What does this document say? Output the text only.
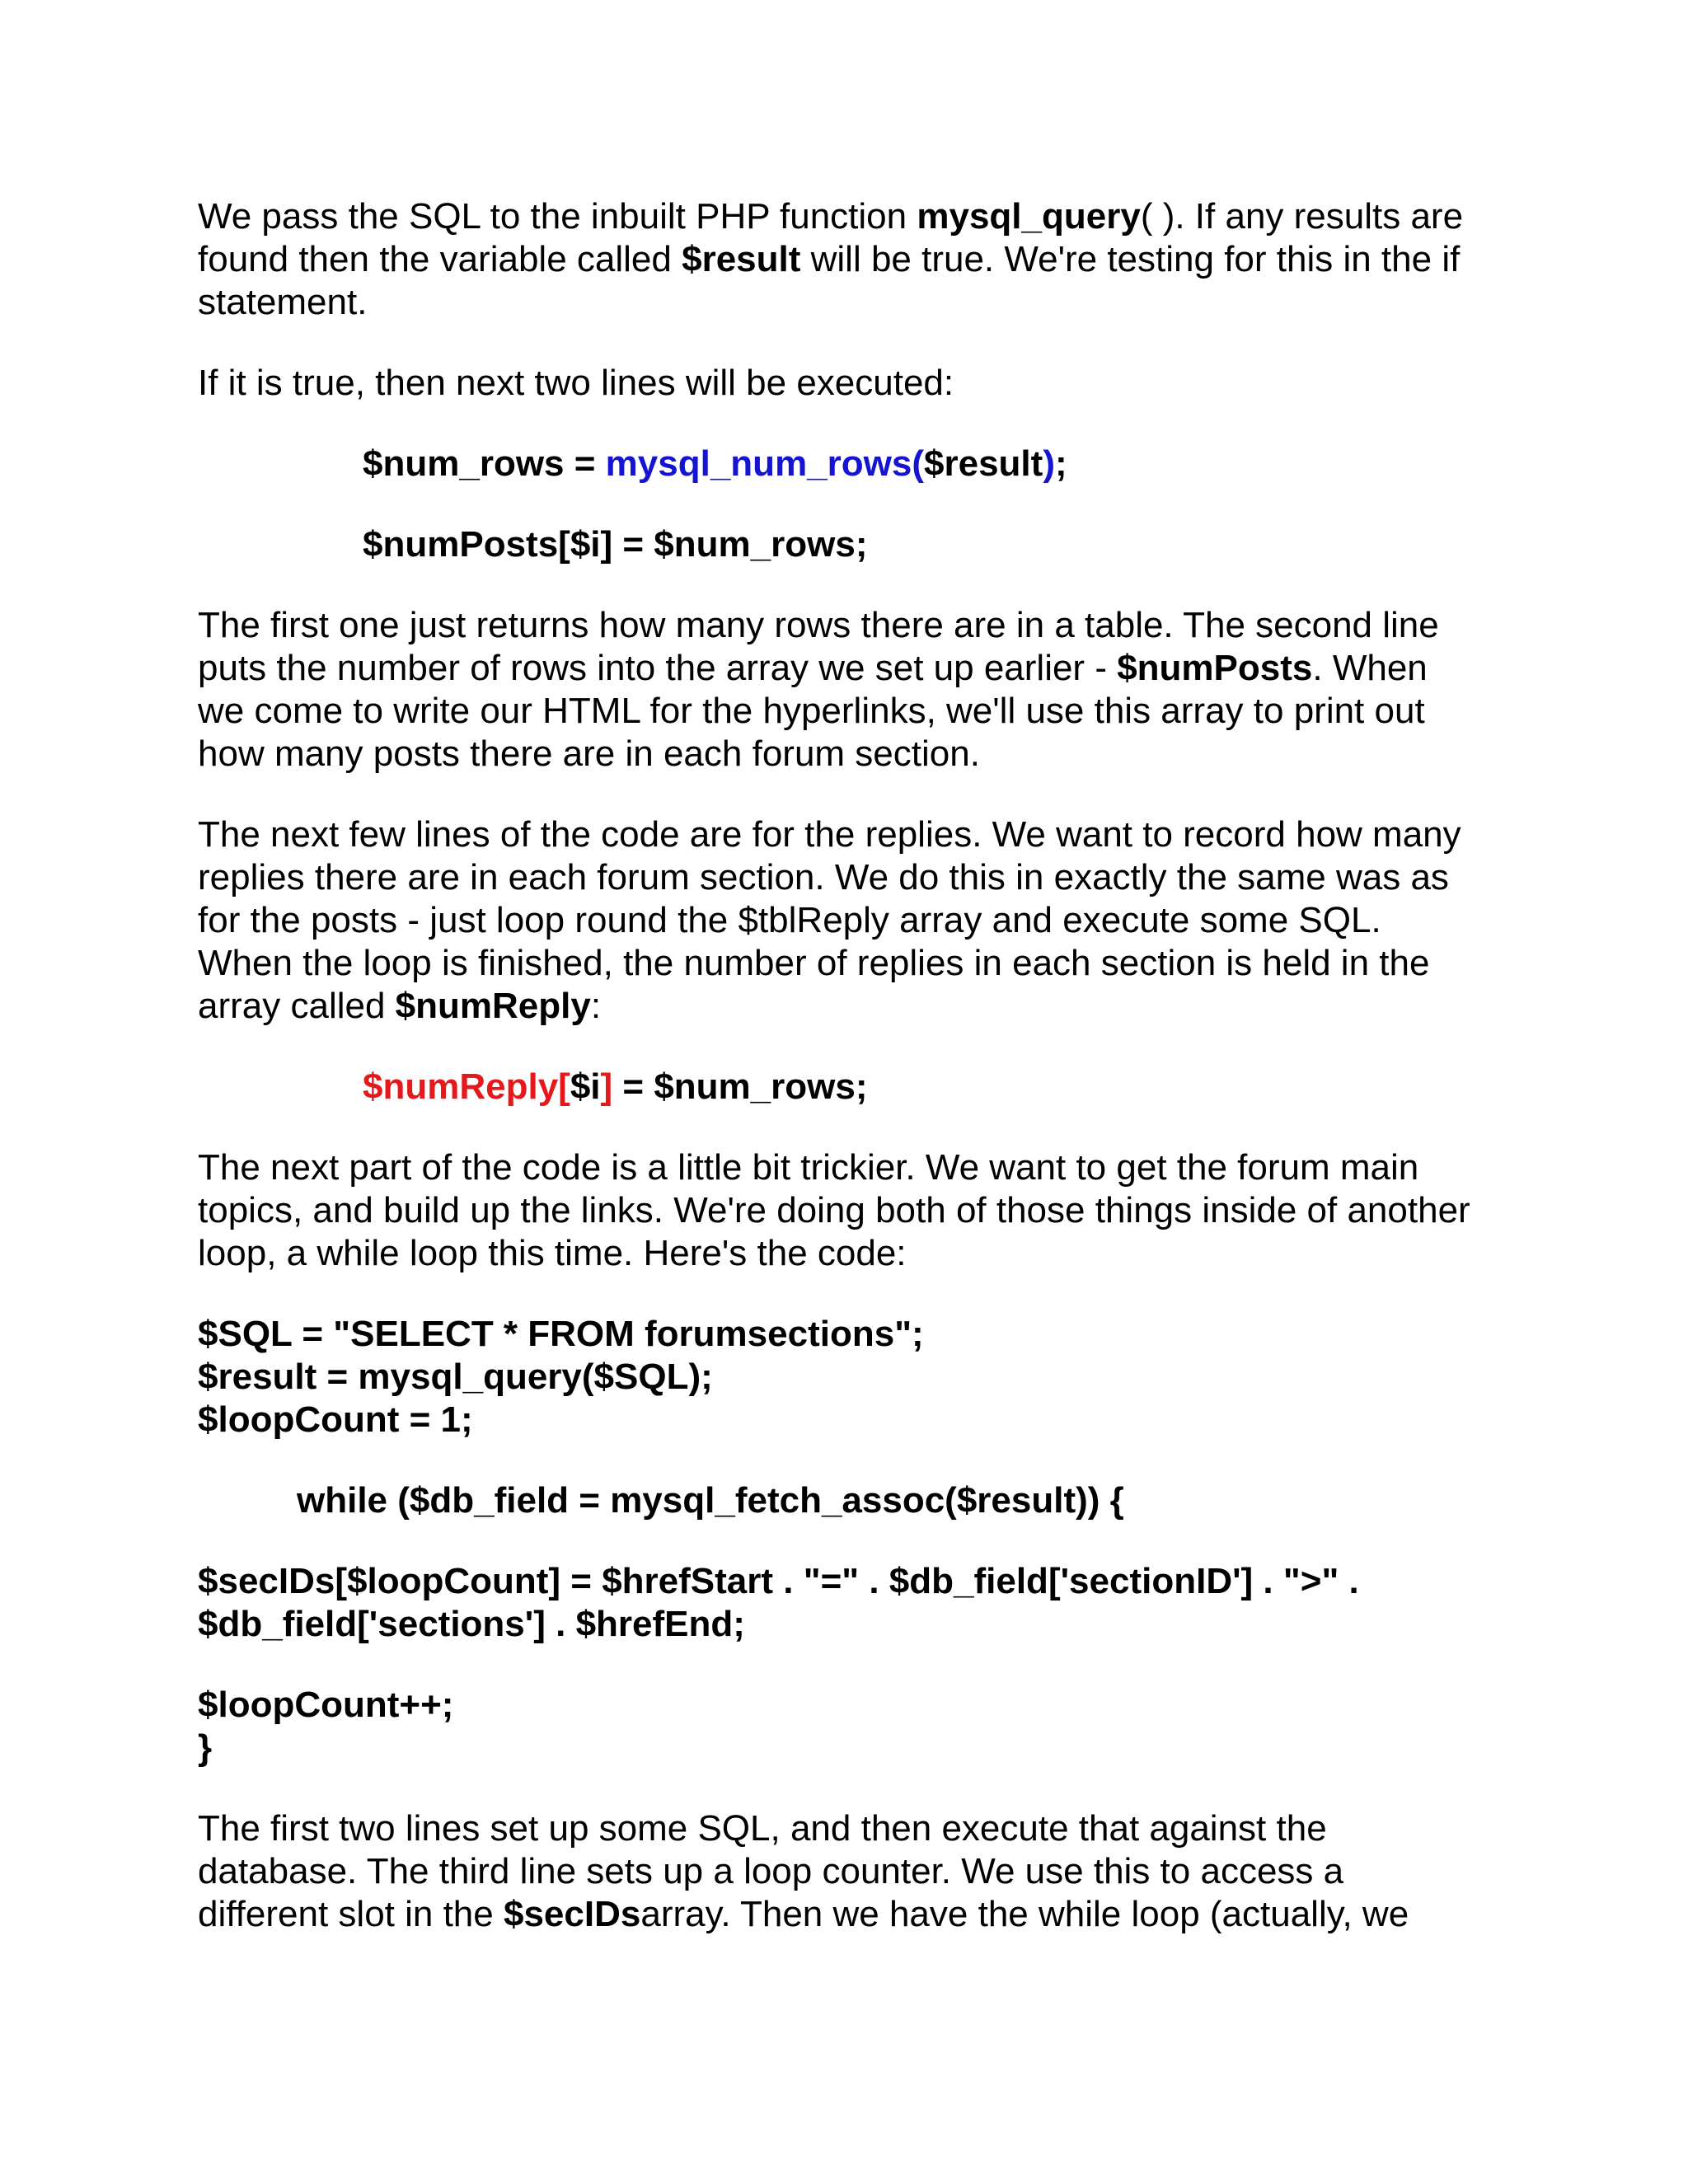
We pass the SQL to the inbuilt PHP function mysql_query( ). If any results are found then the variable called $result will be true. We're testing for this in the if statement.

If it is true, then next two lines will be executed:

$num_rows = mysql_num_rows($result);
$numPosts[$i] = $num_rows;

The first one just returns how many rows there are in a table. The second line puts the number of rows into the array we set up earlier - $numPosts. When we come to write our HTML for the hyperlinks, we'll use this array to print out how many posts there are in each forum section.

The next few lines of the code are for the replies. We want to record how many replies there are in each forum section. We do this in exactly the same was as for the posts - just loop round the $tblReply array and execute some SQL. When the loop is finished, the number of replies in each section is held in the array called $numReply:

$numReply[$i] = $num_rows;

The next part of the code is a little bit trickier. We want to get the forum main topics, and build up the links. We're doing both of those things inside of another loop, a while loop this time. Here's the code:

$SQL = "SELECT * FROM forumsections";
$result = mysql_query($SQL);
$loopCount = 1;
while ($db_field = mysql_fetch_assoc($result)) {
$secIDs[$loopCount] = $hrefStart . "=" . $db_field['sectionID'] . ">" .
$db_field['sections'] . $hrefEnd;
$loopCount++;
}

The first two lines set up some SQL, and then execute that against the database. The third line sets up a loop counter. We use this to access a different slot in the $secIDsarray. Then we have the while loop (actually, we
